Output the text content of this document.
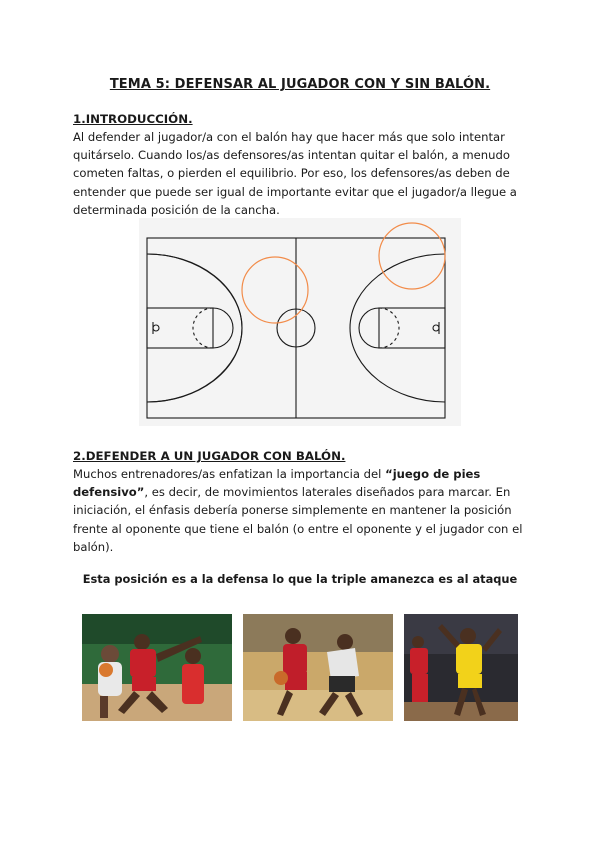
TEMA 5: DEFENSAR AL JUGADOR CON Y SIN BALÓN.
1.INTRODUCCIÓN.

Al defender al jugador/a con el balón hay que hacer más que solo intentar

quitárselo. Cuando los/as defensores/as intentan quitar el balón, a menudo

cometen faltas, o pierden el equilibrio. Por eso, los defensores/as deben de

entender que puede ser igual de importante evitar que el jugador/a llegue a

determinada posición de la cancha.

2.DEFENDER A UN JUGADOR CON BALÓN.

Muchos entrenadores/as enfatizan la importancia del “juego de pies

defensivo”, es decir, de movimientos laterales diseñados para marcar. En

iniciación, el énfasis debería ponerse simplemente en mantener la posición

frente al oponente que tiene el balón (o entre el oponente y el jugador con el

balón).

Esta posición es a la defensa lo que la triple amanezca es al ataque
